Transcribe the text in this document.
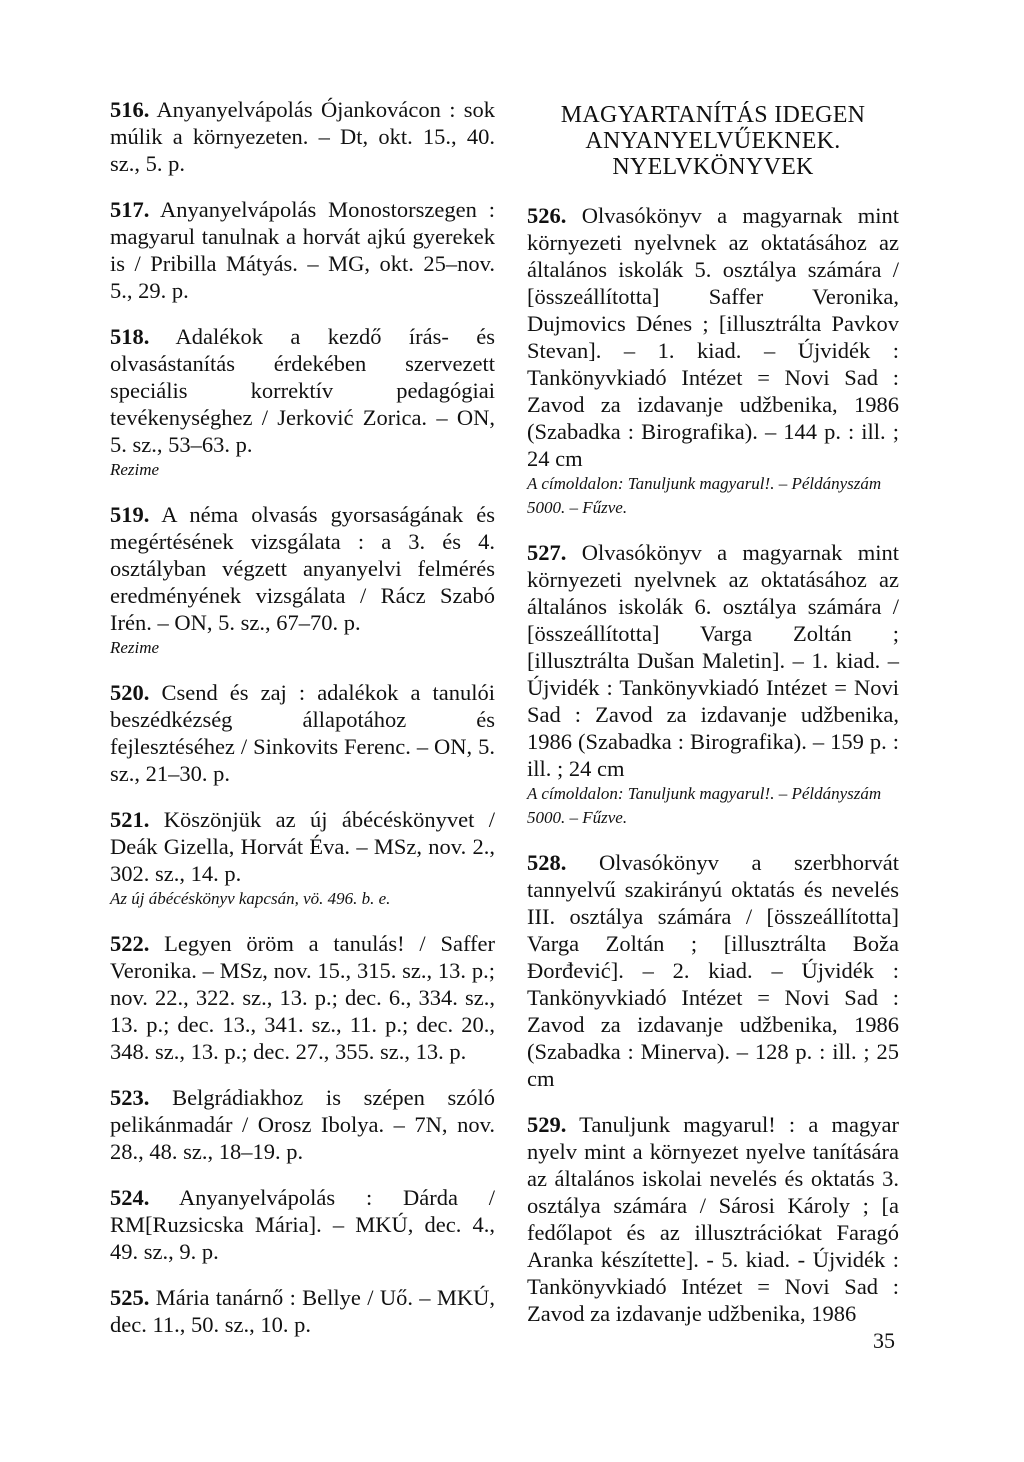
516. Anyanyelvápolás Ójankovácon : sok múlik a környezeten. – Dt, okt. 15., 40. sz., 5. p.
517. Anyanyelvápolás Monostorszegen : magyarul tanulnak a horvát ajkú gyerekek is / Pribilla Mátyás. – MG, okt. 25–nov. 5., 29. p.
518. Adalékok a kezdő írás- és olvasástanítás érdekében szervezett speciális korrektív pedagógiai tevékenységhez / Jerković Zorica. – ON, 5. sz., 53–63. p.
Rezime
519. A néma olvasás gyorsaságának és megértésének vizsgálata : a 3. és 4. osztályban végzett anyanyelvi felmérés eredményének vizsgálata / Rácz Szabó Irén. – ON, 5. sz., 67–70. p.
Rezime
520. Csend és zaj : adalékok a tanulói beszédkézség állapotához és fejlesztéséhez / Sinkovits Ferenc. – ON, 5. sz., 21–30. p.
521. Köszönjük az új ábécéskönyvet / Deák Gizella, Horvát Éva. – MSz, nov. 2., 302. sz., 14. p.
Az új ábécéskönyv kapcsán, vö. 496. b. e.
522. Legyen öröm a tanulás! / Saffer Veronika. – MSz, nov. 15., 315. sz., 13. p.; nov. 22., 322. sz., 13. p.; dec. 6., 334. sz., 13. p.; dec. 13., 341. sz., 11. p.; dec. 20., 348. sz., 13. p.; dec. 27., 355. sz., 13. p.
523. Belgrádiakhoz is szépen szóló pelikánmadár / Orosz Ibolya. – 7N, nov. 28., 48. sz., 18–19. p.
524. Anyanyelvápolás : Dárda / RM[Ruzsicska Mária]. – MKÚ, dec. 4., 49. sz., 9. p.
525. Mária tanárnő : Bellye / Uő. – MKÚ, dec. 11., 50. sz., 10. p.
MAGYARTANÍTÁS IDEGEN
ANYANYELVŰEKNEK.
NYELVKÖNYVEK
526. Olvasókönyv a magyarnak mint környezeti nyelvnek az oktatásához az általános iskolák 5. osztálya számára / [összeállította] Saffer Veronika, Dujmovics Dénes ; [illusztrálta Pavkov Stevan]. – 1. kiad. – Újvidék : Tankönyvkiadó Intézet = Novi Sad : Zavod za izdavanje udžbenika, 1986 (Szabadka : Birografika). – 144 p. : ill. ; 24 cm
A címoldalon: Tanuljunk magyarul!. – Példányszám 5000. – Fűzve.
527. Olvasókönyv a magyarnak mint környezeti nyelvnek az oktatásához az általános iskolák 6. osztálya számára / [összeállította] Varga Zoltán ; [illusztrálta Dušan Maletin]. – 1. kiad. – Újvidék : Tankönyvkiadó Intézet = Novi Sad : Zavod za izdavanje udžbenika, 1986 (Szabadka : Birografika). – 159 p. : ill. ; 24 cm
A címoldalon: Tanuljunk magyarul!. – Példányszám 5000. – Fűzve.
528. Olvasókönyv a szerbhorvát tannyelvű szakirányú oktatás és nevelés III. osztálya számára / [összeállította] Varga Zoltán ; [illusztrálta Boža Đorđević]. – 2. kiad. – Újvidék : Tankönyvkiadó Intézet = Novi Sad : Zavod za izdavanje udžbenika, 1986 (Szabadka : Minerva). – 128 p. : ill. ; 25 cm
529. Tanuljunk magyarul! : a magyar nyelv mint a környezet nyelve tanítására az általános iskolai nevelés és oktatás 3. osztálya számára / Sárosi Károly ; [a fedőlapot és az illusztrációkat Faragó Aranka készítette]. - 5. kiad. - Újvidék : Tankönyvkiadó Intézet = Novi Sad : Zavod za izdavanje udžbenika, 1986
35
